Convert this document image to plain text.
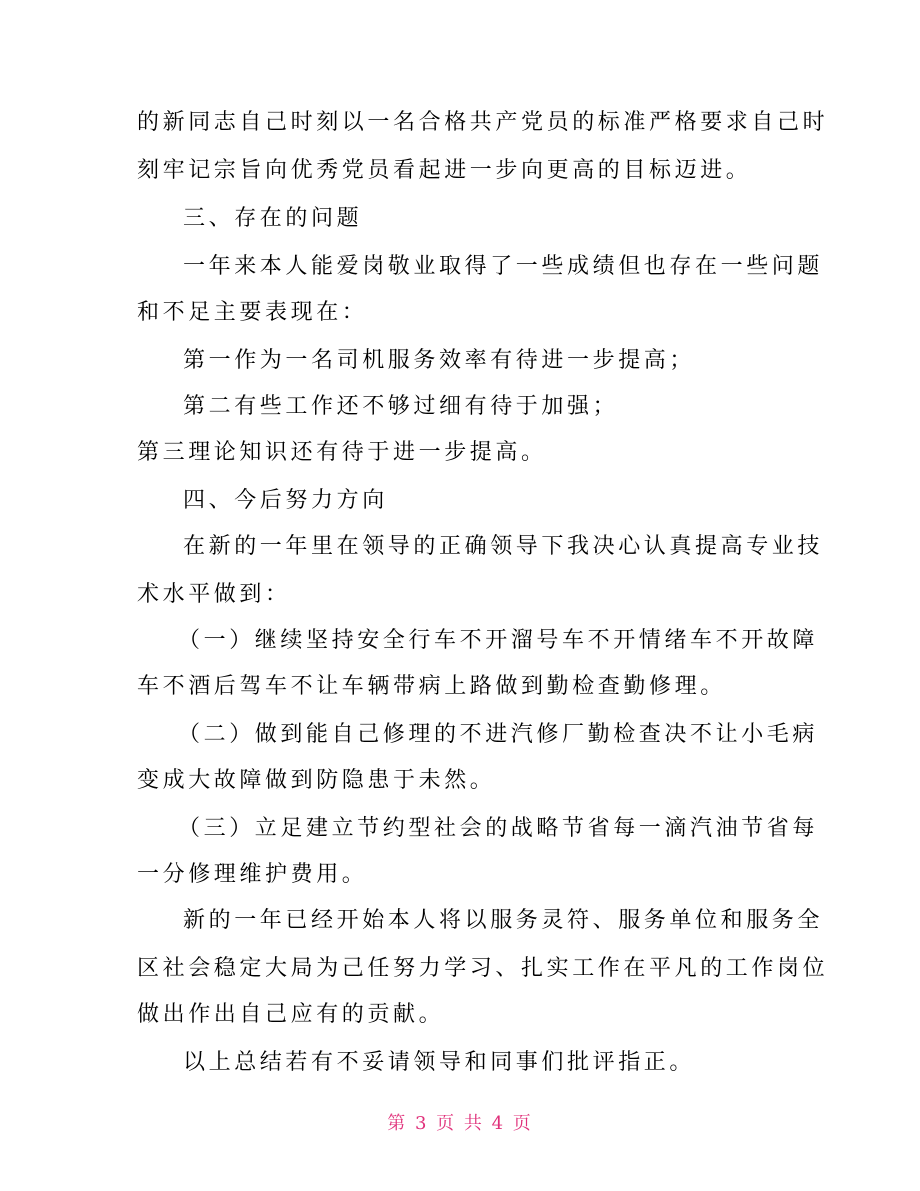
的新同志自己时刻以一名合格共产党员的标准严格要求自己时
刻牢记宗旨向优秀党员看起进一步向更高的目标迈进。
三、存在的问题
一年来本人能爱岗敬业取得了一些成绩但也存在一些问题
和不足主要表现在：
第一作为一名司机服务效率有待进一步提高；
第二有些工作还不够过细有待于加强；
第三理论知识还有待于进一步提高。
四、今后努力方向
在新的一年里在领导的正确领导下我决心认真提高专业技
术水平做到：
（一）继续坚持安全行车不开溜号车不开情绪车不开故障
车不酒后驾车不让车辆带病上路做到勤检查勤修理。
（二）做到能自己修理的不进汽修厂勤检查决不让小毛病
变成大故障做到防隐患于未然。
（三）立足建立节约型社会的战略节省每一滴汽油节省每
一分修理维护费用。
新的一年已经开始本人将以服务灵符、服务单位和服务全
区社会稳定大局为己任努力学习、扎实工作在平凡的工作岗位
做出作出自己应有的贡献。
以上总结若有不妥请领导和同事们批评指正。
第 3 页 共 4 页
